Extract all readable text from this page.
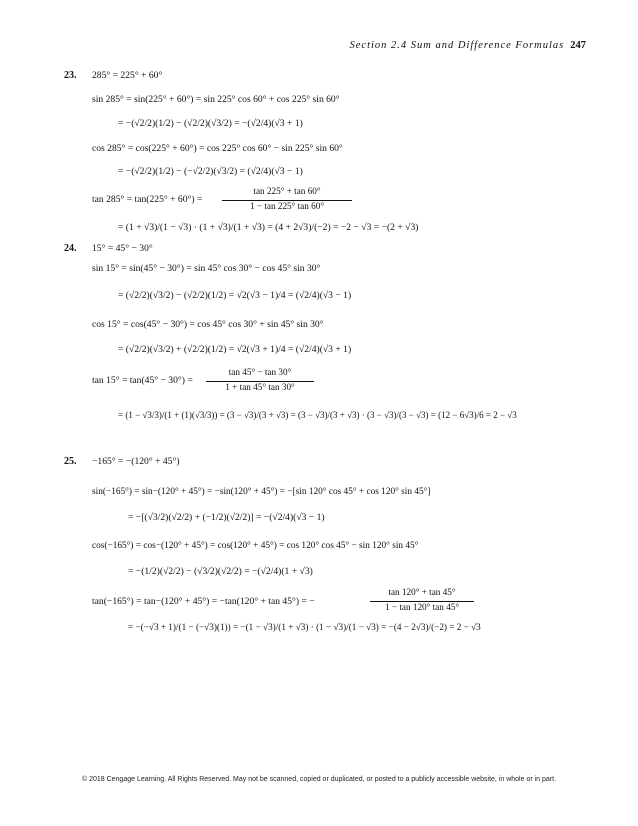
Section 2.4 Sum and Difference Formulas 247
23. 285° = 225° + 60°
sin 285° = sin(225° + 60°) = sin 225° cos 60° + cos 225° sin 60°
= −(√2/2)(1/2) − (√2/2)(√3/2) = −(√2/4)(√3 + 1)
cos 285° = cos(225° + 60°) = cos 225° cos 60° − sin 225° sin 60°
= −(√2/2)(1/2) − (−√2/2)(√3/2) = (√2/4)(√3 − 1)
tan 285° = tan(225° + 60°) =
tan 225° + tan 60°
1 − tan 225° tan 60°
= (1 + √3)/(1 − √3) · (1 + √3)/(1 + √3) = (4 + 2√3)/(−2) = −2 − √3 = −(2 + √3)
24. 15° = 45° − 30°
sin 15° = sin(45° − 30°) = sin 45° cos 30° − cos 45° sin 30°
= (√2/2)(√3/2) − (√2/2)(1/2) = √2(√3 − 1)/4 = (√2/4)(√3 − 1)
cos 15° = cos(45° − 30°) = cos 45° cos 30° + sin 45° sin 30°
= (√2/2)(√3/2) + (√2/2)(1/2) = √2(√3 + 1)/4 = (√2/4)(√3 + 1)
tan 15° = tan(45° − 30°) =
tan 45° − tan 30°
1 + tan 45° tan 30°
= (1 − √3/3)/(1 + (1)(√3/3)) = (3 − √3)/(3 + √3) = (3 − √3)/(3 + √3) · (3 − √3)/(3 − √3) = (12 − 6√3)/6 = 2 − √3
25. −165° = −(120° + 45°)
sin(−165°) = sin−(120° + 45°) = −sin(120° + 45°) = −[sin 120° cos 45° + cos 120° sin 45°]
= −[(√3/2)(√2/2) + (−1/2)(√2/2)] = −(√2/4)(√3 − 1)
cos(−165°) = cos−(120° + 45°) = cos(120° + 45°) = cos 120° cos 45° − sin 120° sin 45°
= −(1/2)(√2/2) − (√3/2)(√2/2) = −(√2/4)(1 + √3)
tan(−165°) = tan−(120° + 45°) = −tan(120° + tan 45°) = −
tan 120° + tan 45°
1 − tan 120° tan 45°
= −(−√3 + 1)/(1 − (−√3)(1)) = −(1 − √3)/(1 + √3) · (1 − √3)/(1 − √3) = −(4 − 2√3)/(−2) = 2 − √3
© 2018 Cengage Learning. All Rights Reserved. May not be scanned, copied or duplicated, or posted to a publicly accessible website, in whole or in part.
